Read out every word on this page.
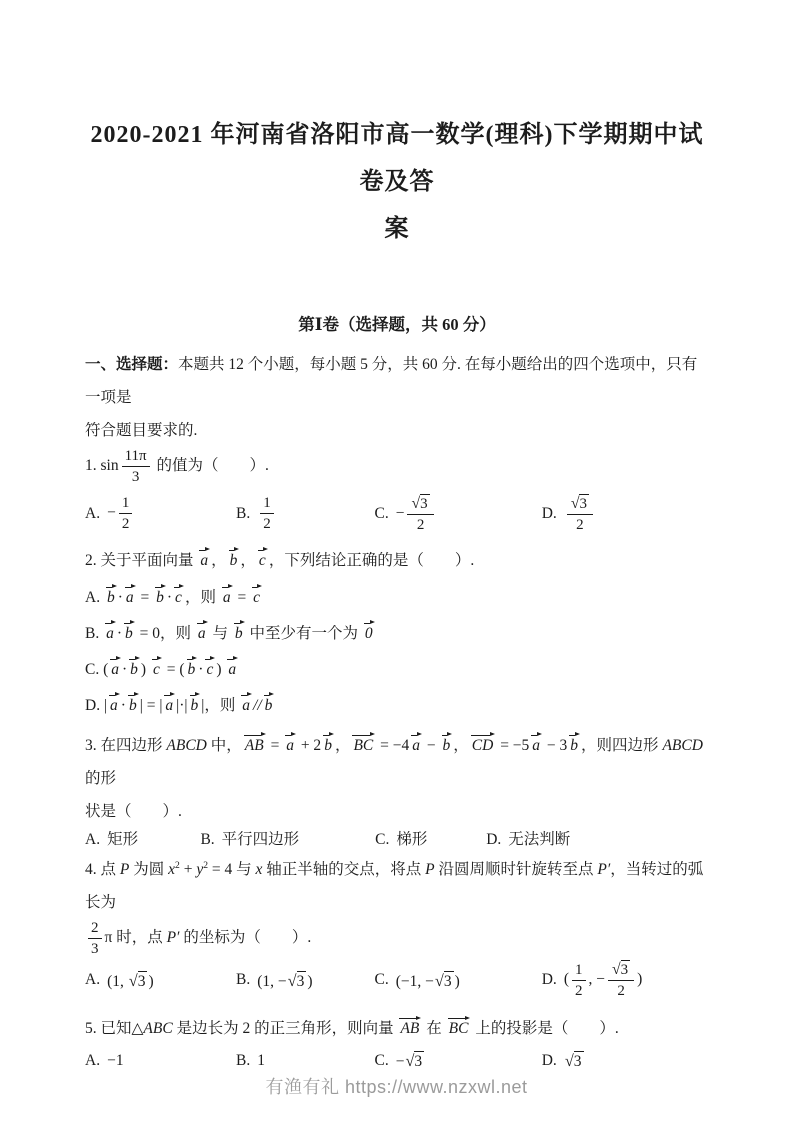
2020-2021 年河南省洛阳市高一数学(理科)下学期期中试卷及答
案
第Ⅰ卷（选择题，共 60 分）

一、选择题：本题共 12 个小题，每小题 5 分，共 60 分. 在每小题给出的四个选项中，只有一项是

符合题目要求的.

1. $\sin \frac{11\pi}{3}$ 的值为（　　）.
A. − $\frac{1}{2}$	B. $\frac{1}{2}$	C. − $\frac{√3}{2}$	D. $\frac{√3}{2}$
2. 关于平面向量 a ， b ， c ，下列结论正确的是（　　）.
A. b · a = b · c ，则 a = c
B. a · b = 0，则 a 与 b 中至少有一个为 0
C. ( a · b ) c = ( b · c ) a
D. | a · b | = | a |·| b |，则 a // b
3. 在四边形 ABCD 中， AB = a + 2 b ， BC = −4 a − b ， CD = −5 a − 3 b ，则四边形 ABCD 的形
状是（　　）.
A. 矩形	B. 平行四边形	C. 梯形	D. 无法判断
4. 点 P 为圆 $x^2 + y^2 = 4$ 与 x 轴正半轴的交点，将点 P 沿圆周顺时针旋转至点 P′，当转过的弧长为
$\frac{2}{3}$ π 时，点 P′ 的坐标为（　　）.
A. (1, √3 )	B. (1, −√3 )	C. (−1, −√3 )	D. ( $\frac{1}{2}$ , − $\frac{√3}{2}$ )
5. 已知△ABC 是边长为 2 的正三角形，则向量 AB 在 BC 上的投影是（　　）.
A. −1	B. 1	C. −√3	D. √3
有渔有礼 https://www.nzxwl.net
